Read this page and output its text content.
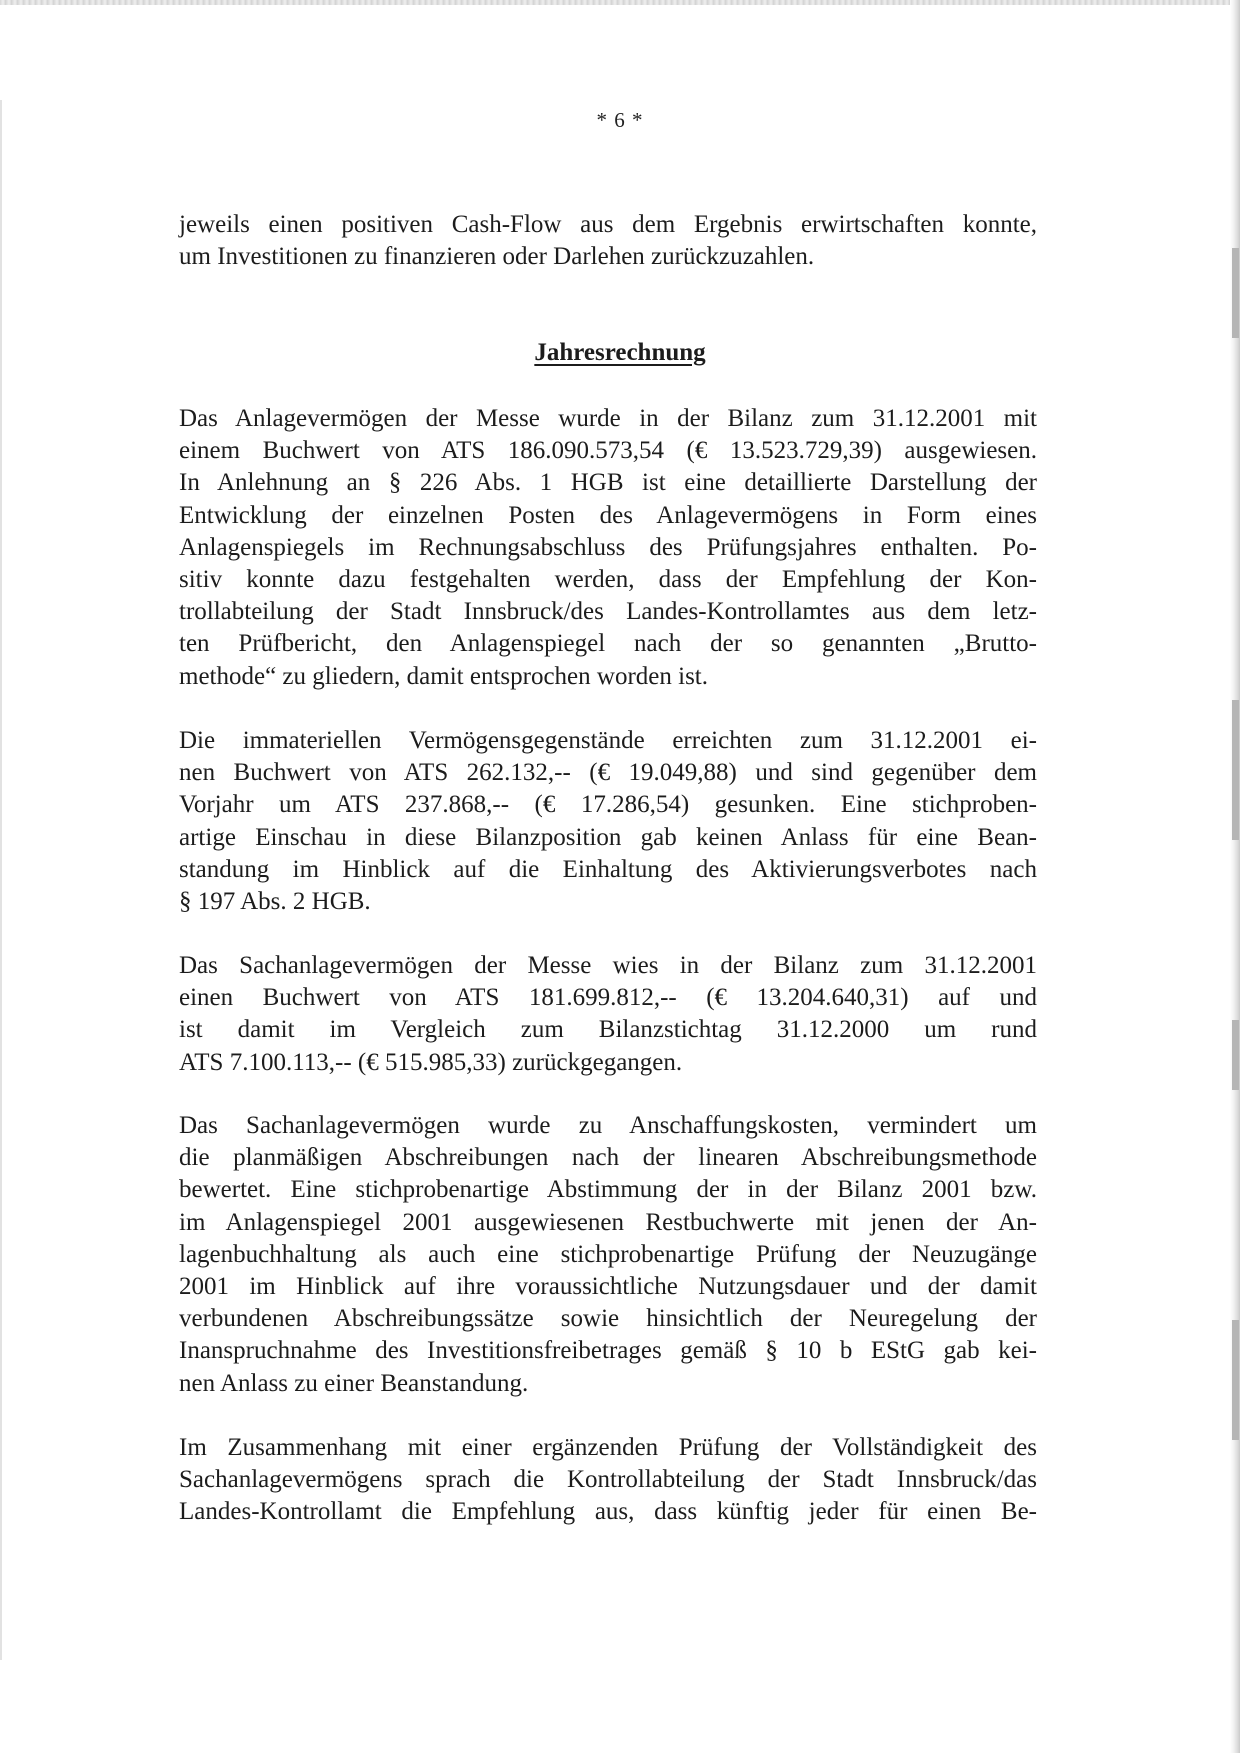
* 6 *
jeweils einen positiven Cash-Flow aus dem Ergebnis erwirtschaften konnte,
um Investitionen zu finanzieren oder Darlehen zurückzuzahlen.
Jahresrechnung
Das Anlagevermögen der Messe wurde in der Bilanz zum 31.12.2001 mit
einem Buchwert von ATS 186.090.573,54 (€ 13.523.729,39) ausgewiesen.
In Anlehnung an § 226 Abs. 1 HGB ist eine detaillierte Darstellung der
Entwicklung der einzelnen Posten des Anlagevermögens in Form eines
Anlagenspiegels im Rechnungsabschluss des Prüfungsjahres enthalten. Po-
sitiv konnte dazu festgehalten werden, dass der Empfehlung der Kon-
trollabteilung der Stadt Innsbruck/des Landes-Kontrollamtes aus dem letz-
ten Prüfbericht, den Anlagenspiegel nach der so genannten „Brutto-
methode“ zu gliedern, damit entsprochen worden ist.
Die immateriellen Vermögensgegenstände erreichten zum 31.12.2001 ei-
nen Buchwert von ATS 262.132,-- (€ 19.049,88) und sind gegenüber dem
Vorjahr um ATS 237.868,-- (€ 17.286,54) gesunken. Eine stichproben-
artige Einschau in diese Bilanzposition gab keinen Anlass für eine Bean-
standung im Hinblick auf die Einhaltung des Aktivierungsverbotes nach
§ 197 Abs. 2 HGB.
Das Sachanlagevermögen der Messe wies in der Bilanz zum 31.12.2001
einen Buchwert von ATS 181.699.812,-- (€ 13.204.640,31) auf und
ist damit im Vergleich zum Bilanzstichtag 31.12.2000 um rund
ATS 7.100.113,-- (€ 515.985,33) zurückgegangen.
Das Sachanlagevermögen wurde zu Anschaffungskosten, vermindert um
die planmäßigen Abschreibungen nach der linearen Abschreibungsmethode
bewertet. Eine stichprobenartige Abstimmung der in der Bilanz 2001 bzw.
im Anlagenspiegel 2001 ausgewiesenen Restbuchwerte mit jenen der An-
lagenbuchhaltung als auch eine stichprobenartige Prüfung der Neuzugänge
2001 im Hinblick auf ihre voraussichtliche Nutzungsdauer und der damit
verbundenen Abschreibungssätze sowie hinsichtlich der Neuregelung der
Inanspruchnahme des Investitionsfreibetrages gemäß § 10 b EStG gab kei-
nen Anlass zu einer Beanstandung.
Im Zusammenhang mit einer ergänzenden Prüfung der Vollständigkeit des
Sachanlagevermögens sprach die Kontrollabteilung der Stadt Innsbruck/das
Landes-Kontrollamt die Empfehlung aus, dass künftig jeder für einen Be-
